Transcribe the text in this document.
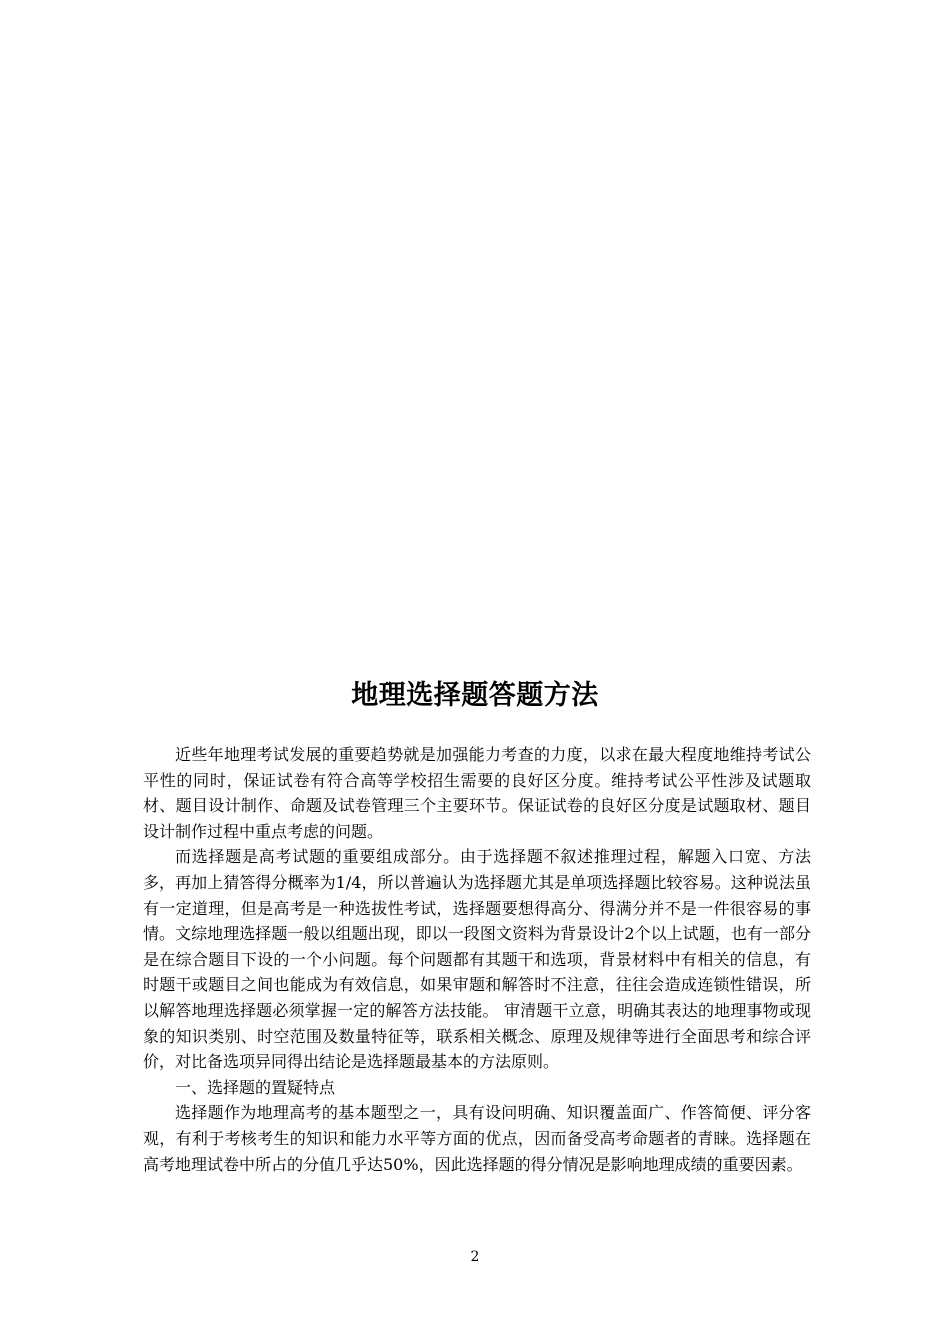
地理选择题答题方法

近些年地理考试发展的重要趋势就是加强能力考查的力度，以求在最大程度地维持考试公平性的同时，保证试卷有符合高等学校招生需要的良好区分度。维持考试公平性涉及试题取材、题目设计制作、命题及试卷管理三个主要环节。保证试卷的良好区分度是试题取材、题目设计制作过程中重点考虑的问题。

而选择题是高考试题的重要组成部分。由于选择题不叙述推理过程，解题入口宽、方法多，再加上猜答得分概率为1/4，所以普遍认为选择题尤其是单项选择题比较容易。这种说法虽有一定道理，但是高考是一种选拔性考试，选择题要想得高分、得满分并不是一件很容易的事情。文综地理选择题一般以组题出现，即以一段图文资料为背景设计2个以上试题，也有一部分是在综合题目下设的一个小问题。每个问题都有其题干和选项，背景材料中有相关的信息，有时题干或题目之间也能成为有效信息，如果审题和解答时不注意，往往会造成连锁性错误，所以解答地理选择题必须掌握一定的解答方法技能。 审清题干立意，明确其表达的地理事物或现象的知识类别、时空范围及数量特征等，联系相关概念、原理及规律等进行全面思考和综合评价，对比备选项异同得出结论是选择题最基本的方法原则。

一、选择题的置疑特点

选择题作为地理高考的基本题型之一，具有设问明确、知识覆盖面广、作答简便、评分客观，有利于考核考生的知识和能力水平等方面的优点，因而备受高考命题者的青睐。选择题在高考地理试卷中所占的分值几乎达50%，因此选择题的得分情况是影响地理成绩的重要因素。

2
